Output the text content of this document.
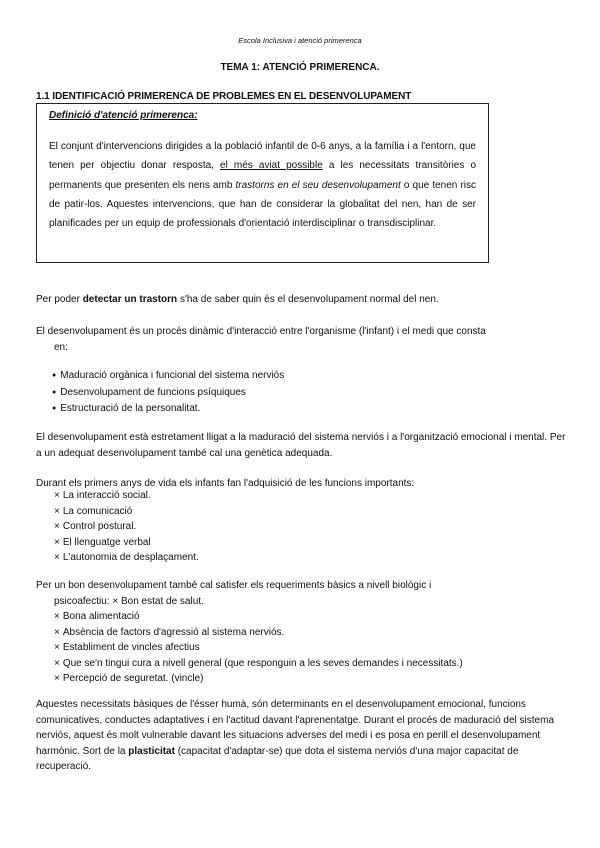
Escola Inclusiva i atenció primerenca
TEMA 1: ATENCIÓ PRIMERENCA.
1.1 IDENTIFICACIÓ PRIMERENCA DE PROBLEMES EN EL DESENVOLUPAMENT
Definició d'atenció primerenca:
El conjunt d'intervencions dirigides a la població infantil de 0-6 anys, a la família i a l'entorn, que tenen per objectiu donar resposta, el més aviat possible a les necessitats transitòries o permanents que presenten els nens amb trastorns en el seu desenvolupament o que tenen risc de patir-los. Aquestes intervencions, que han de considerar la globalitat del nen, han de ser planificades per un equip de professionals d'orientació interdisciplinar o transdisciplinar.
Per poder detectar un trastorn s'ha de saber quin és el desenvolupament normal del nen.
El desenvolupament és un procés dinàmic d'interacció entre l'organisme (l'infant) i el medi que consta
en:
● Maduració orgànica i funcional del sistema nerviós
● Desenvolupament de funcions psíquiques
● Estructuració de la personalitat.
El desenvolupament està estretament lligat a la maduració del sistema nerviós i a l'organització emocional i mental. Per a un adequat desenvolupament també cal una genètica adequada.
Durant els primers anys de vida els infants fan l'adquisició de les funcions importants:
× La interacció social.
× La comunicació
× Control postural.
× El llenguatge verbal
× L'autonomia de desplaçament.
Per un bon desenvolupament també cal satisfer els requeriments bàsics a nivell biològic i
psicoafectiu: × Bon estat de salut.
× Bona alimentació
× Absència de factors d'agressió al sistema nerviós.
× Establiment de vincles afectius
× Que se'n tingui cura a nivell general (que responguin a les seves demandes i necessitats.)
× Percepció de seguretat. (vincle)
Aquestes necessitats bàsiques de l'ésser humà, són determinants en el desenvolupament emocional, funcions comunicatives, conductes adaptatives i en l'actitud davant l'aprenentatge. Durant el procés de maduració del sistema nerviós, aquest és molt vulnerable davant les situacions adverses del medi i es posa en perill el desenvolupament harmònic. Sort de la plasticitat (capacitat d'adaptar-se) que dota el sistema nerviós d'una major capacitat de recuperació.
